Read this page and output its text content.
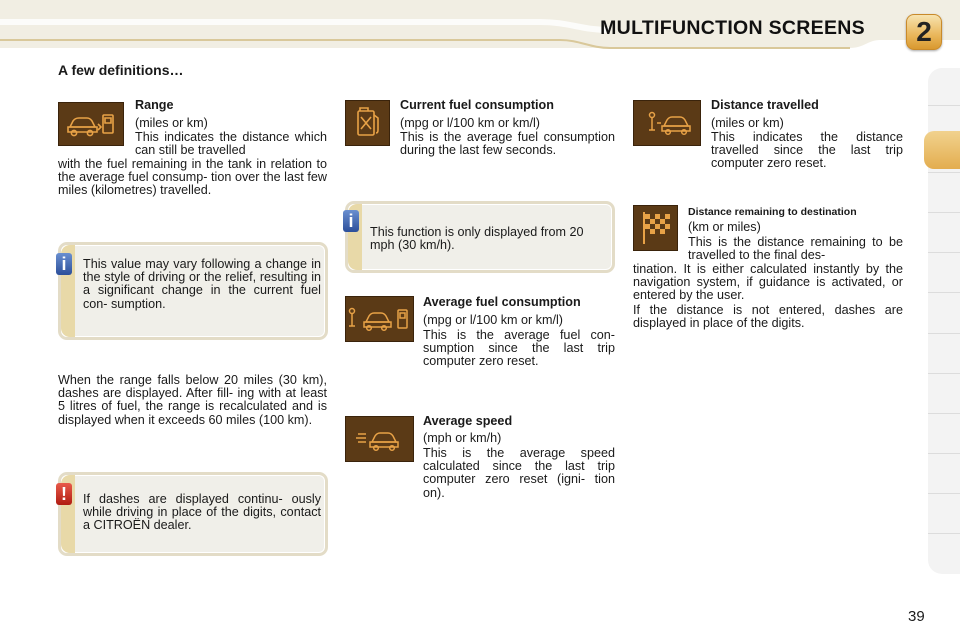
MULTIFUNCTION SCREENS	2
A few definitions…
Range
(miles or km)
This indicates the distance which can still be travelled
with the fuel remaining in the tank in relation to the average fuel consump- tion over the last few miles (kilometres) travelled.
i	This value may vary following a change in the style of driving or the relief, resulting in a significant change in the current fuel con- sumption.
When the range falls below 20 miles (30 km), dashes are displayed. After fill- ing with at least 5 litres of fuel, the range is recalculated and is displayed when it exceeds 60 miles (100 km).
!	If dashes are displayed continu- ously while driving in place of the digits, contact a CITROËN dealer.
Current fuel consumption
(mpg or l/100 km or km/l)
This is the average fuel consumption during the last few seconds.
i
This function is only displayed from 20 mph (30 km/h).
Average fuel consumption
(mpg or l/100 km or km/l)
This is the average fuel con- sumption since the last trip computer zero reset.
Average speed
(mph or km/h)
This is the average speed calculated since the last trip computer zero reset (igni- tion on).
Distance travelled
(miles or km)
This indicates the distance travelled since the last trip computer zero reset.
Distance remaining to destination
(km or miles)
This is the distance remaining to be travelled to the final des-
tination. It is either calculated instantly by the navigation system, if guidance is activated, or entered by the user.
If the distance is not entered, dashes are displayed in place of the digits.
39
